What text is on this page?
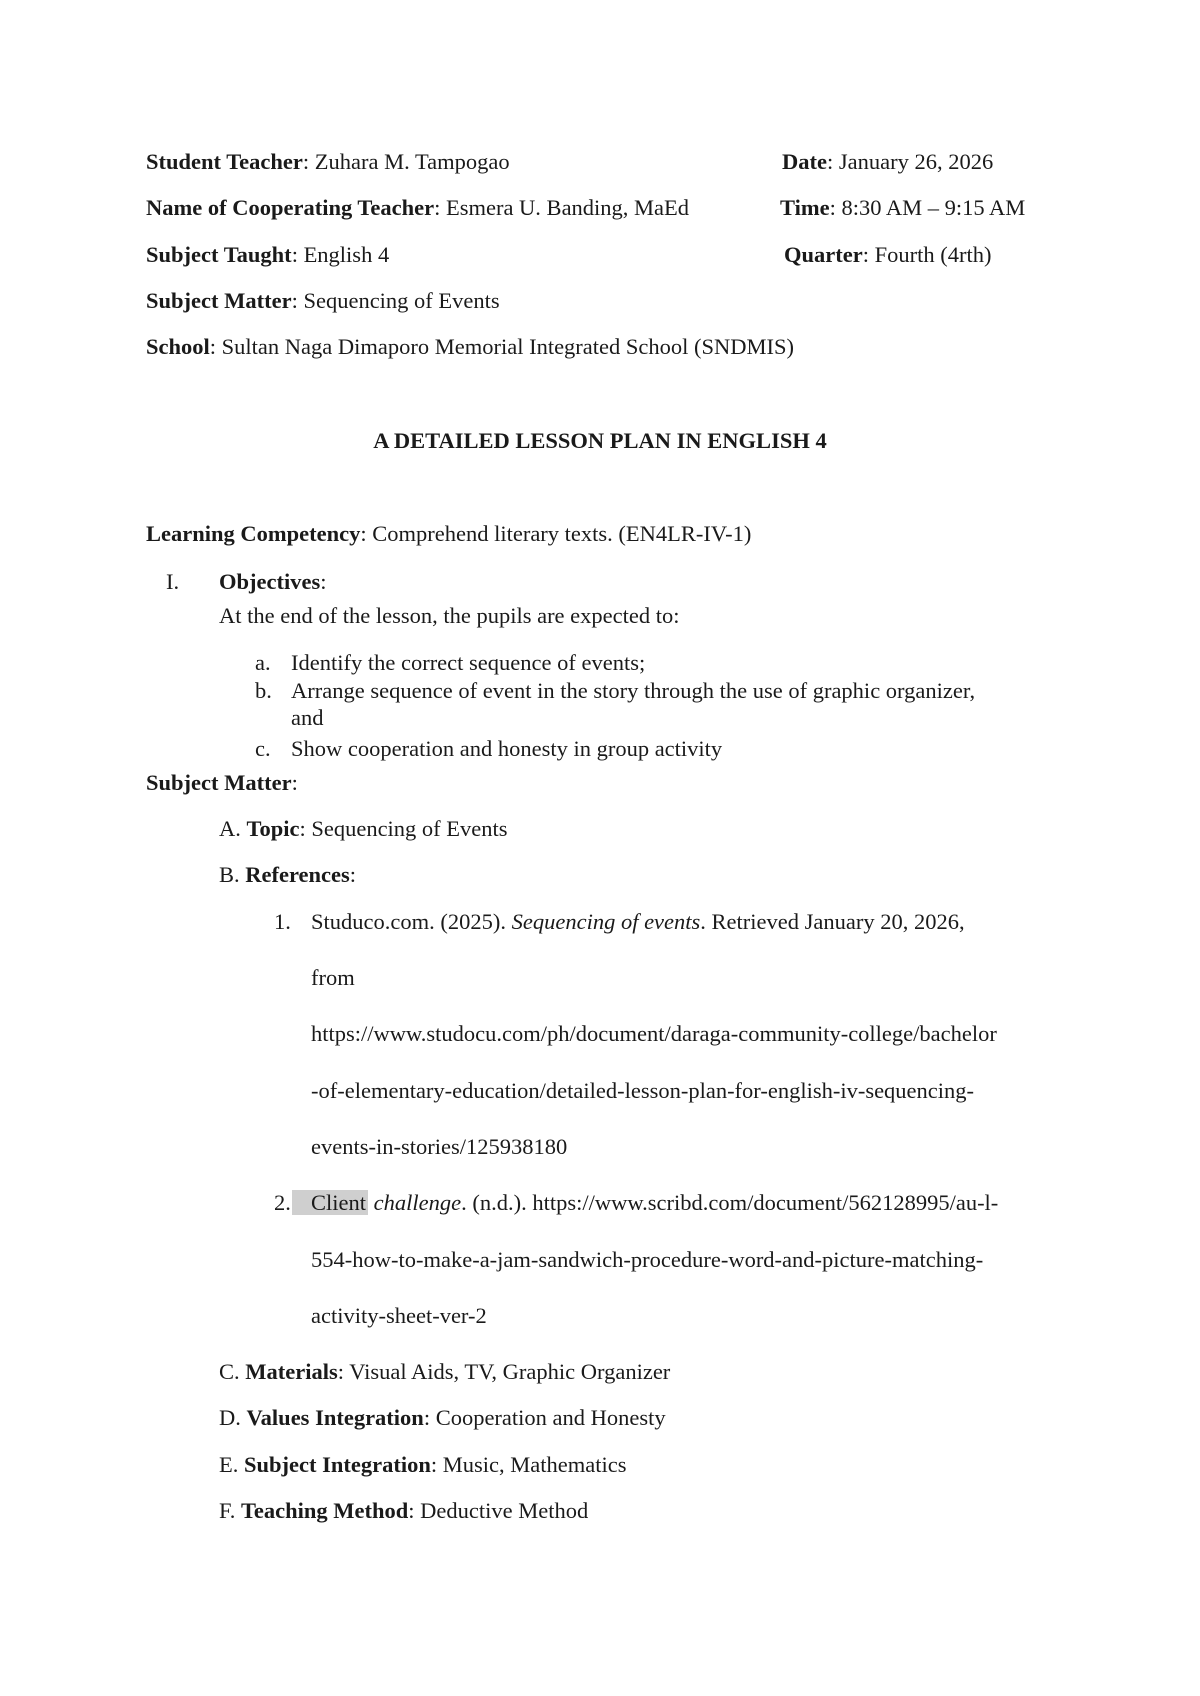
Student Teacher: Zuhara M. Tampogao	Date: January 26, 2026
Name of Cooperating Teacher: Esmera U. Banding, MaEd	Time: 8:30 AM – 9:15 AM
Subject Taught: English 4	Quarter: Fourth (4rth)
Subject Matter: Sequencing of Events
School: Sultan Naga Dimaporo Memorial Integrated School (SNDMIS)
A DETAILED LESSON PLAN IN ENGLISH 4
Learning Competency: Comprehend literary texts. (EN4LR-IV-1)
I. Objectives:
At the end of the lesson, the pupils are expected to:
a. Identify the correct sequence of events;
b. Arrange sequence of event in the story through the use of graphic organizer,
and
c. Show cooperation and honesty in group activity
Subject Matter:
A. Topic: Sequencing of Events
B. References:
1. Studuco.com. (2025). Sequencing of events. Retrieved January 20, 2026,
from
https://www.studocu.com/ph/document/daraga-community-college/bachelor
-of-elementary-education/detailed-lesson-plan-for-english-iv-sequencing-
events-in-stories/125938180
2. Client challenge. (n.d.). https://www.scribd.com/document/562128995/au-l-
554-how-to-make-a-jam-sandwich-procedure-word-and-picture-matching-
activity-sheet-ver-2
C. Materials: Visual Aids, TV, Graphic Organizer
D. Values Integration: Cooperation and Honesty
E. Subject Integration: Music, Mathematics
F. Teaching Method: Deductive Method
